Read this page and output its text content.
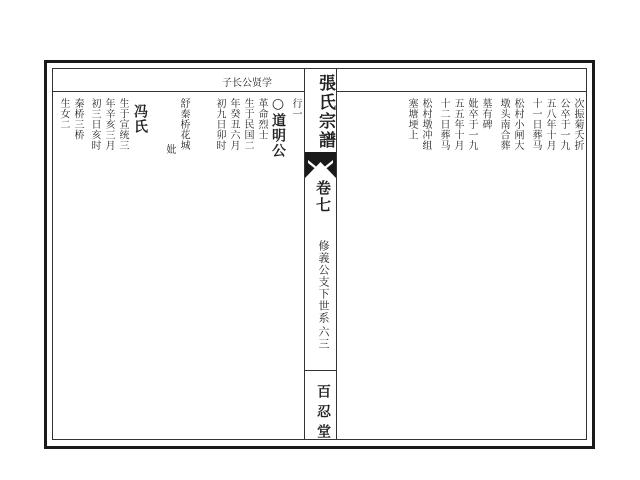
子长公贤学
行一
○道明公
革命烈士
生于民国二
年癸丑六月
初九日卯时
舒秦桥花城
妣
冯氏
生于宣统三
年辛亥三月
初三日亥时
秦桥三桥
生女二	張氏宗譜
卷七
修義公支下世系
六三
百忍堂
次振菊夭折
公卒于一九
五八年十月
十一日葬马
松村小闸大
墩头南合葬
墓有碑
妣卒于一九
五五年十月
十二日葬马
松村墩冲组
塞塘埂上
